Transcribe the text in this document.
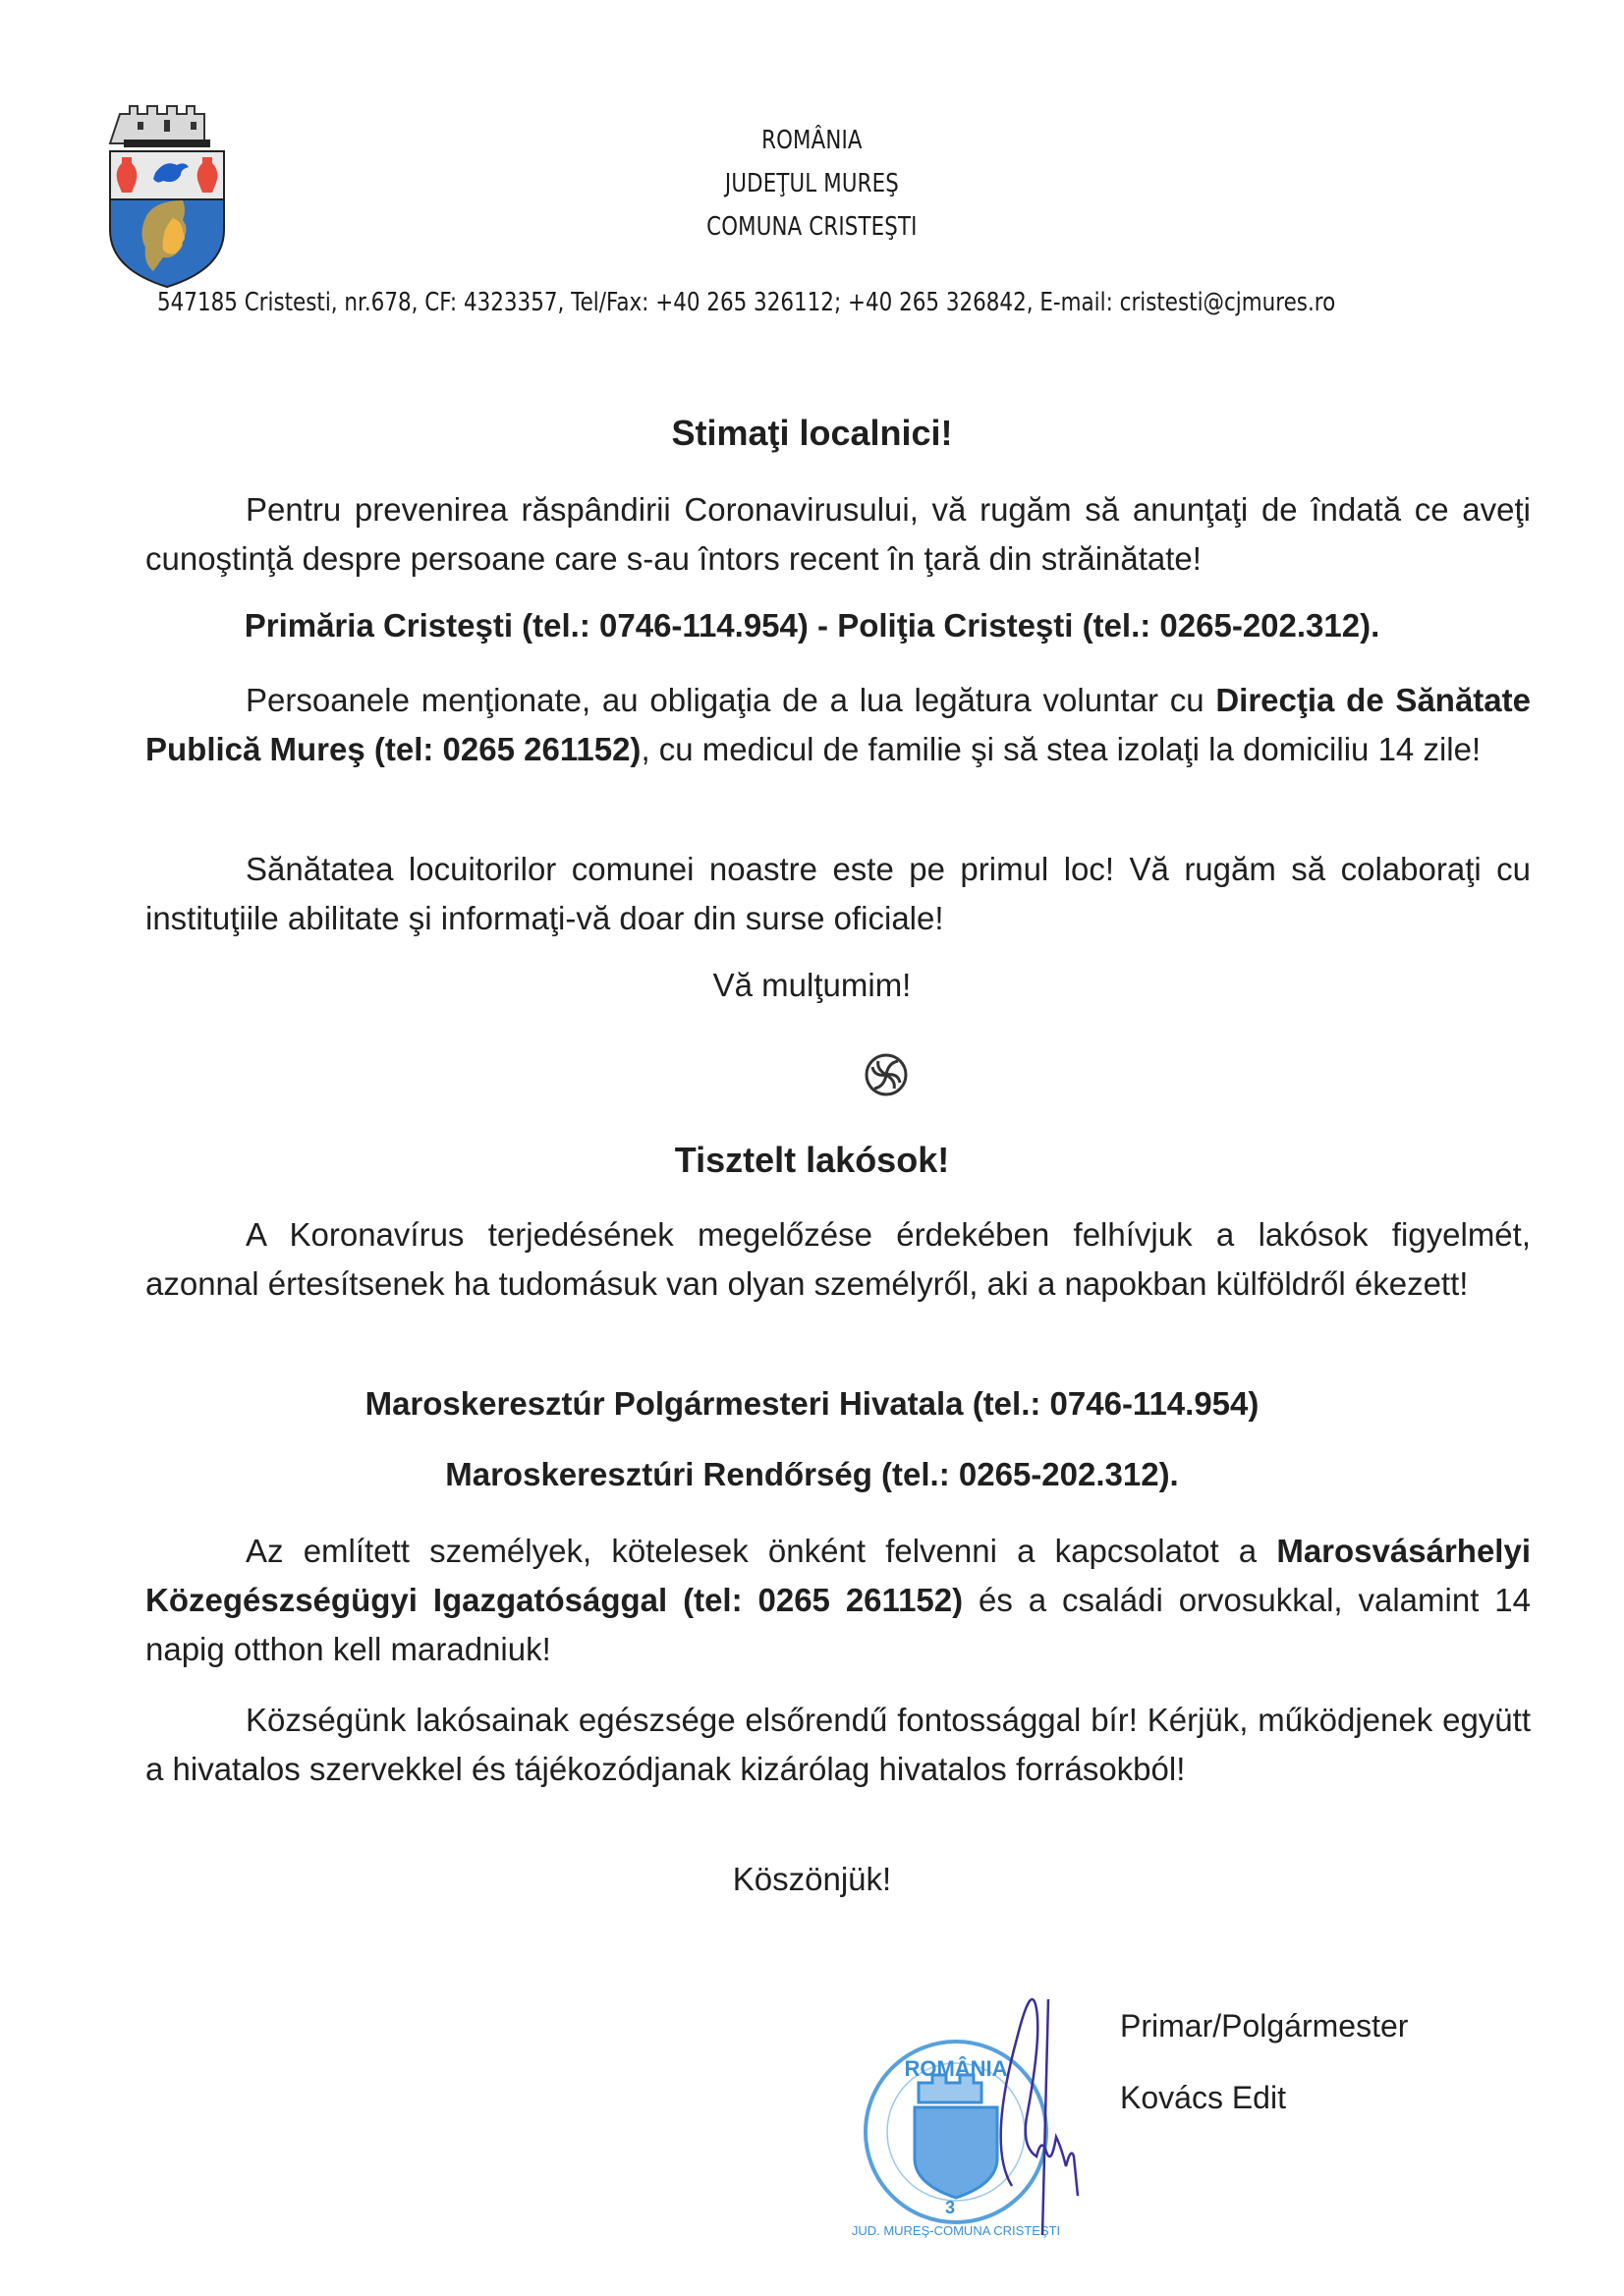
ROMÂNIA
JUDEŢUL MUREŞ
COMUNA CRISTEŞTI
547185 Cristesti, nr.678, CF: 4323357, Tel/Fax: +40 265 326112; +40 265 326842, E-mail: cristesti@cjmures.ro
Stimaţi localnici!
Pentru prevenirea răspândirii Coronavirusului, vă rugăm să anunţaţi de îndată ce aveţi cunoştinţă despre persoane care s-au întors recent în ţară din străinătate!
Primăria Cristeşti (tel.: 0746-114.954) - Poliţia Cristeşti (tel.: 0265-202.312).
Persoanele menţionate, au obligaţia de a lua legătura voluntar cu Direcţia de Sănătate Publică Mureş (tel: 0265 261152), cu medicul de familie şi să stea izolaţi la domiciliu 14 zile!
Sănătatea locuitorilor comunei noastre este pe primul loc! Vă rugăm să colaboraţi cu instituţiile abilitate şi informaţi-vă doar din surse oficiale!
Vă mulţumim!
Tisztelt lakósok!
A Koronavírus terjedésének megelőzése érdekében felhívjuk a lakósok figyelmét, azonnal értesítsenek ha tudomásuk van olyan személyről, aki a napokban külföldről ékezett!
Maroskeresztúr Polgármesteri Hivatala (tel.: 0746-114.954)
Maroskeresztúri Rendőrség (tel.: 0265-202.312).
Az említett személyek, kötelesek önként felvenni a kapcsolatot a Marosvásárhelyi Közegészségügyi Igazgatósággal (tel: 0265 261152) és a családi orvosukkal, valamint 14 napig otthon kell maradniuk!
Községünk lakósainak egészsége elsőrendű fontossággal bír! Kérjük, működjenek együtt a hivatalos szervekkel és tájékozódjanak kizárólag hivatalos forrásokból!
Köszönjük!
ROMÂNIA
3
JUD. MUREŞ-COMUNA CRISTEŞTI
Primar/Polgármester
Kovács Edit
